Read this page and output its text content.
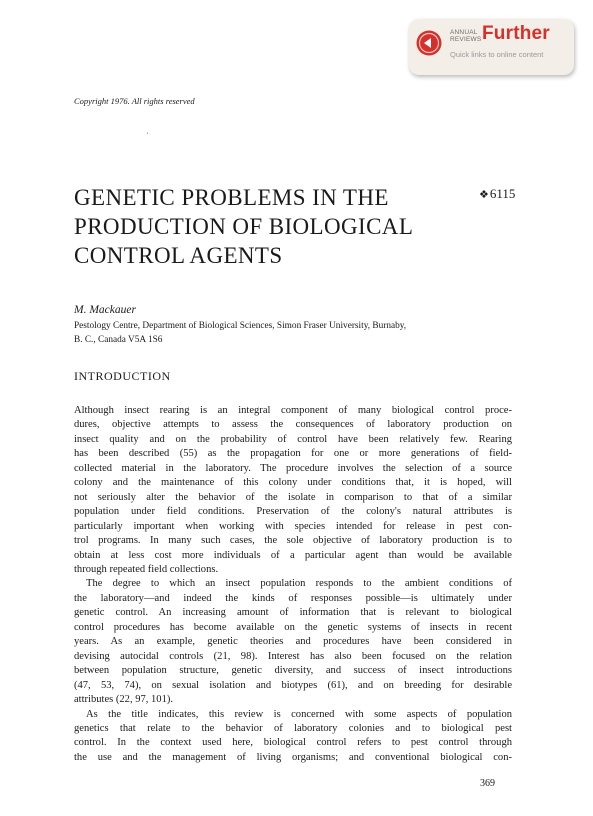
ANNUAL
REVIEWS Further
Quick links to online content
Copyright 1976. All rights reserved
ˌ
GENETIC PROBLEMS IN THE
PRODUCTION OF BIOLOGICAL
CONTROL AGENTS
❖6115
M. Mackauer
Pestology Centre, Department of Biological Sciences, Simon Fraser University, Burnaby,
B. C., Canada V5A 1S6
INTRODUCTION
Although insect rearing is an integral component of many biological control proce-
dures, objective attempts to assess the consequences of laboratory production on
insect quality and on the probability of control have been relatively few. Rearing
has been described (55) as the propagation for one or more generations of field-
collected material in the laboratory. The procedure involves the selection of a source
colony and the maintenance of this colony under conditions that, it is hoped, will
not seriously alter the behavior of the isolate in comparison to that of a similar
population under field conditions. Preservation of the colony's natural attributes is
particularly important when working with species intended for release in pest con-
trol programs. In many such cases, the sole objective of laboratory production is to
obtain at less cost more individuals of a particular agent than would be available
through repeated field collections.
The degree to which an insect population responds to the ambient conditions of
the laboratory—and indeed the kinds of responses possible—is ultimately under
genetic control. An increasing amount of information that is relevant to biological
control procedures has become available on the genetic systems of insects in recent
years. As an example, genetic theories and procedures have been considered in
devising autocidal controls (21, 98). Interest has also been focused on the relation
between population structure, genetic diversity, and success of insect introductions
(47, 53, 74), on sexual isolation and biotypes (61), and on breeding for desirable
attributes (22, 97, 101).
As the title indicates, this review is concerned with some aspects of population
genetics that relate to the behavior of laboratory colonies and to biological pest
control. In the context used here, biological control refers to pest control through
the use and the management of living organisms; and conventional biological con-
369
